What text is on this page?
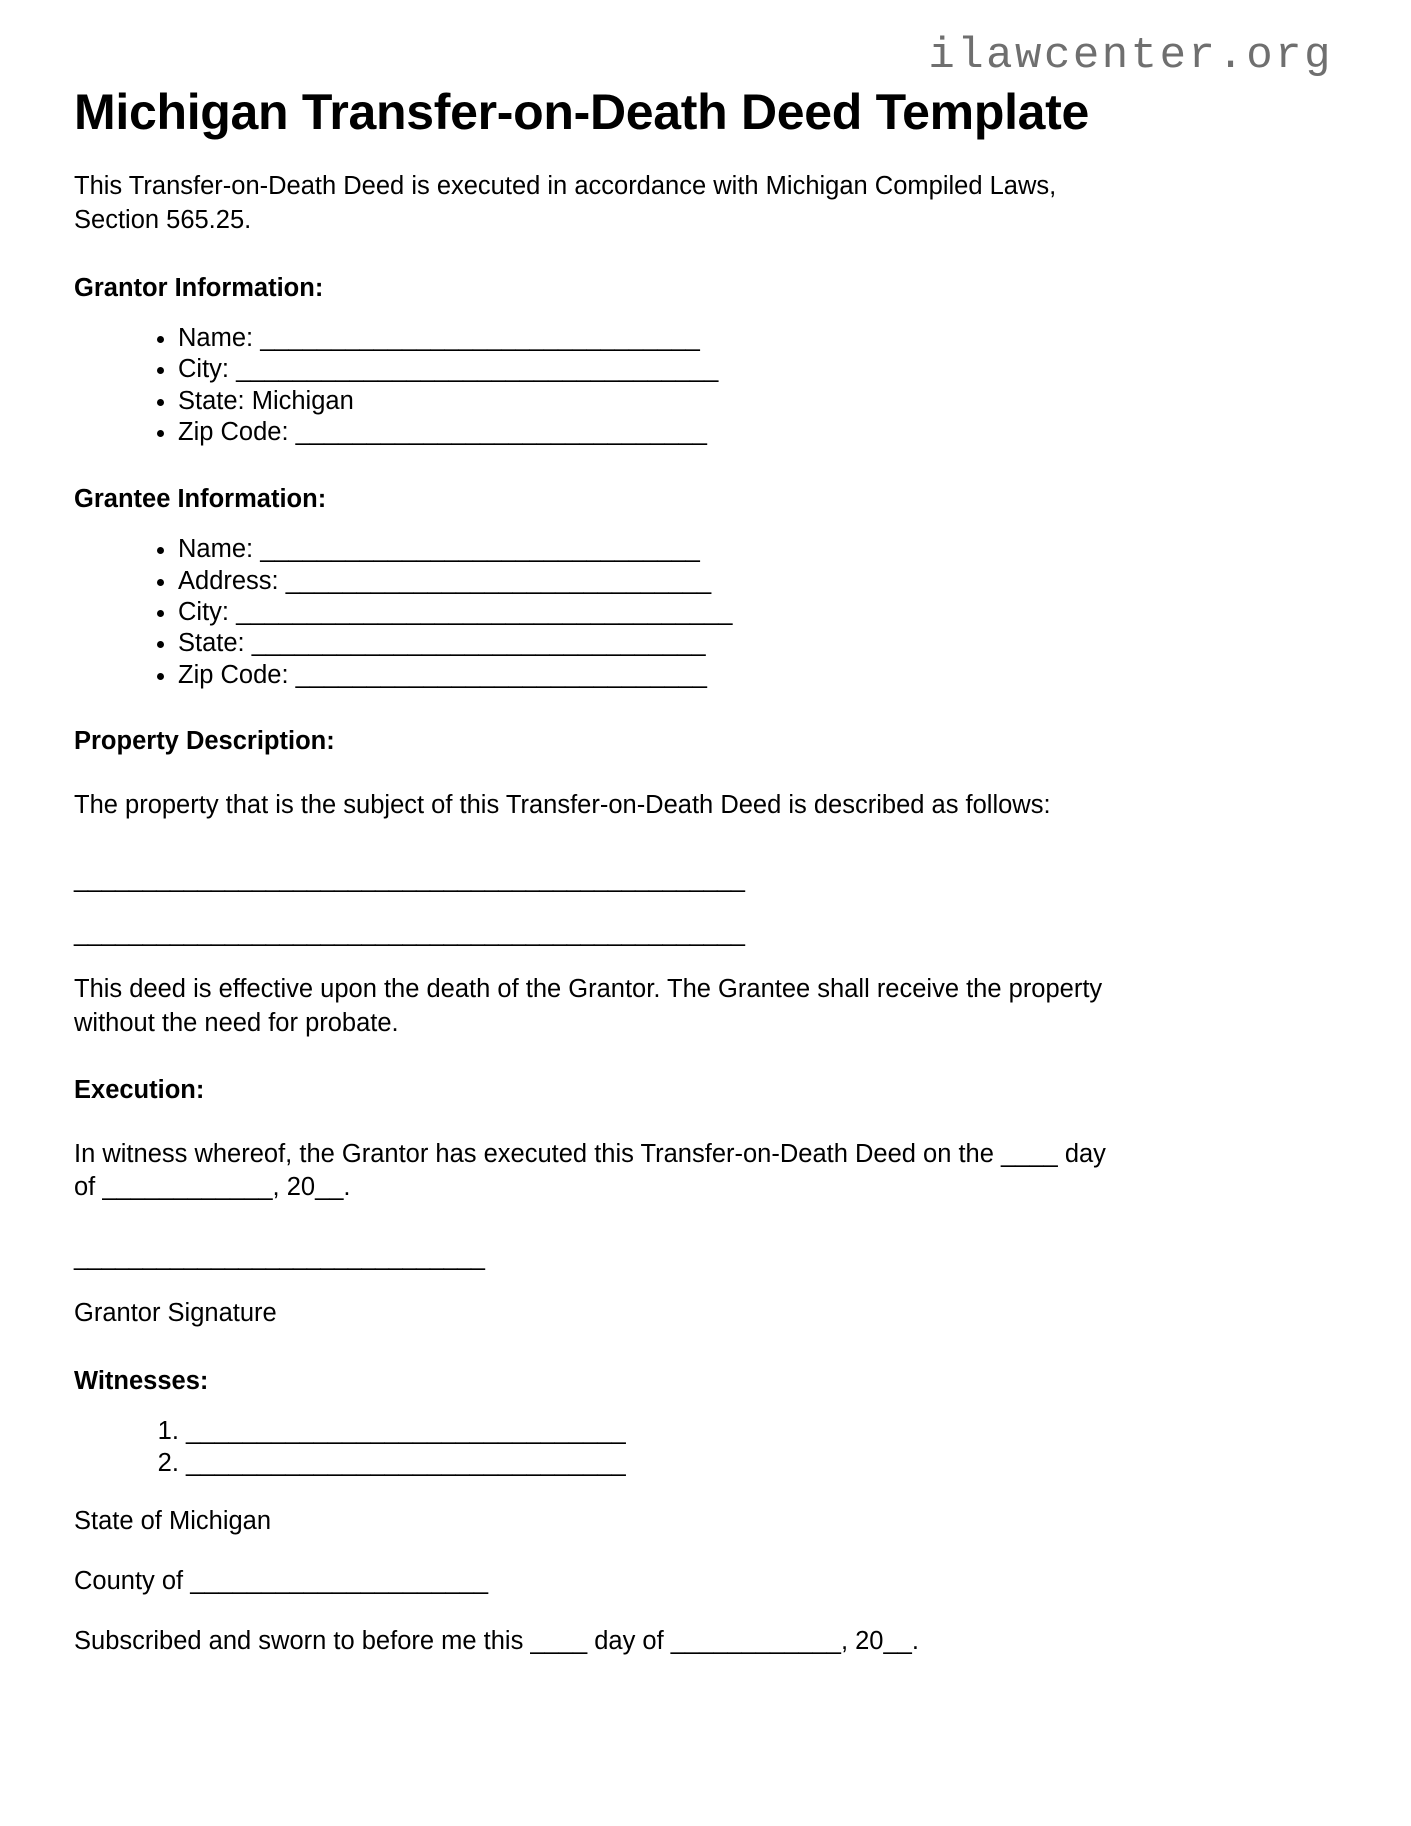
ilawcenter.org
Michigan Transfer-on-Death Deed Template

This Transfer-on-Death Deed is executed in accordance with Michigan Compiled Laws, Section 565.25.

Grantor Information:
• Name: _______________________________
• City: __________________________________
• State: Michigan
• Zip Code: _____________________________
Grantee Information:
• Name: _______________________________
• Address: ______________________________
• City: ___________________________________
• State: ________________________________
• Zip Code: _____________________________
Property Description:

The property that is the subject of this Transfer-on-Death Deed is described as follows:

_________________________________________________
_________________________________________________

This deed is effective upon the death of the Grantor. The Grantee shall receive the property without the need for probate.

Execution:

In witness whereof, the Grantor has executed this Transfer-on-Death Deed on the ____ day of ____________, 20__.

______________________________
Grantor Signature
Witnesses:
1. _______________________________
2. _______________________________
State of Michigan
County of _____________________
Subscribed and sworn to before me this ____ day of ____________, 20__.
